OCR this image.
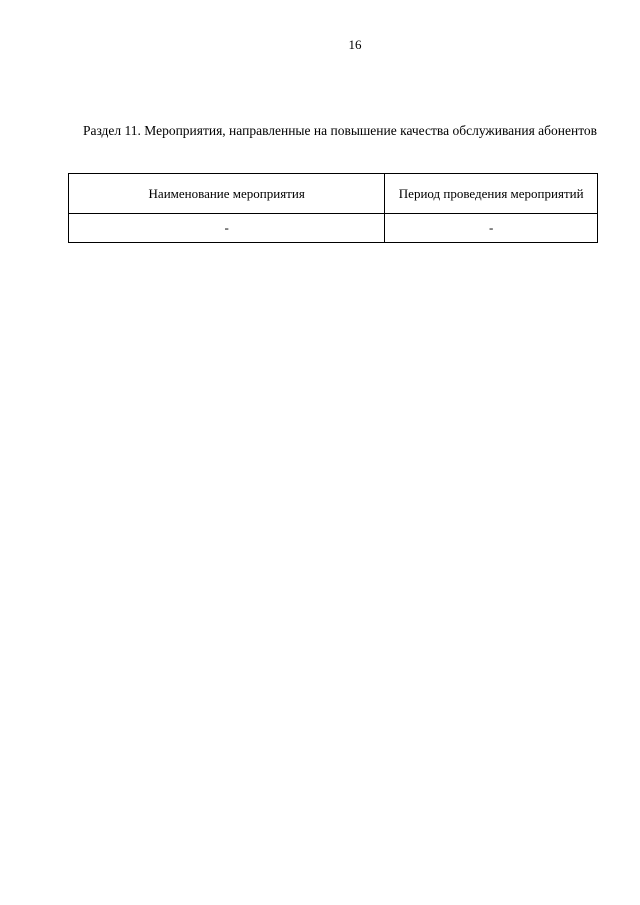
16
Раздел 11. Мероприятия, направленные на повышение качества обслуживания абонентов
Наименование мероприятия	Период проведения мероприятий
-	-
